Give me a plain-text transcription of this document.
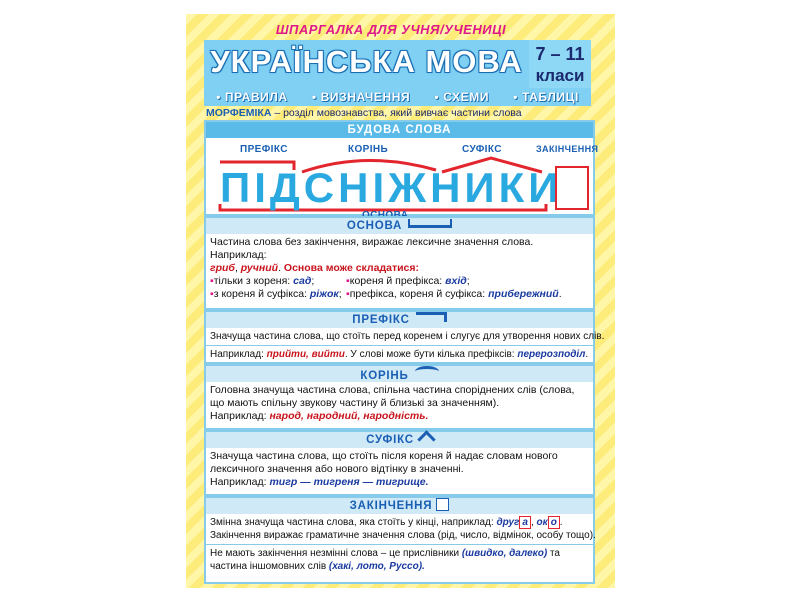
ШПАРГАЛКА ДЛЯ УЧНЯ/УЧЕНИЦІ
УКРАЇНСЬКА МОВА 7 – 11
класи
• ПРАВИЛА • ВИЗНАЧЕННЯ • СХЕМИ • ТАБЛИЦІ
МОРФЕМІКА – розділ мовознавства, який вивчає частини слова
БУДОВА СЛОВА
ПРЕФІКС	КОРІНЬ	СУФІКС	ЗАКІНЧЕННЯ
ПІДСНІЖНИКИ
ОСНОВА
Частина слова без закінчення, виражає лексичне значення слова. Наприклад:
гриб, ручний. Основа може складатися:
▪тільки з кореня: сад;	▪кореня й префікса: вхід;
▪з кореня й суфікса: ріжок; ▪префікса, кореня й суфікса: прибережний.
ПРЕФІКС
Значуща частина слова, що стоїть перед коренем і слугує для утворення нових слів.
Наприклад: прийти, вийти. У слові може бути кілька префіксів: перерозподіл.
КОРІНЬ
Головна значуща частина слова, спільна частина споріднених слів (слова, що мають спільну звукову частину й близькі за значенням).
Наприклад: народ, народний, народність.
СУФІКС
Значуща частина слова, що стоїть після кореня й надає словам нового лексичного значення або нового відтінку в значенні.
Наприклад: тигр — тигреня — тигрище.
ЗАКІНЧЕННЯ
Змінна значуща частина слова, яка стоїть у кінці, наприклад: друг а , ок о .
Закінчення виражає граматичне значення слова (рід, число, відмінок, особу тощо).
Не мають закінчення незмінні слова – це прислівники (швидко, далеко) та частина іншомовних слів (хакі, лото, Руссо).
